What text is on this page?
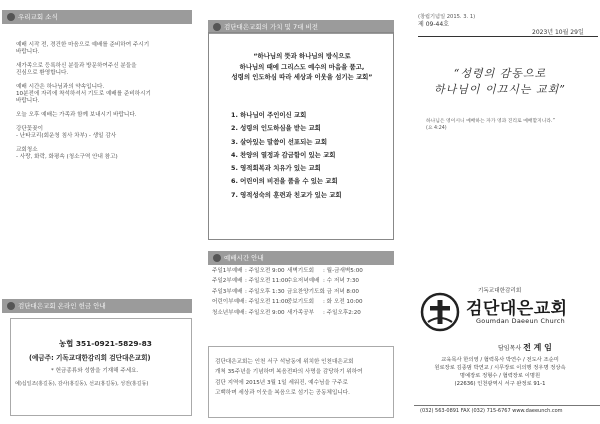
우리교회 소식
예배 시작 전, 경건한 마음으로 예배를 준비하여 주시기
바랍니다.
새가족으로 등록하신 분들과 방문하여주신 분들을
진심으로 환영합니다.
예배 시간은 하나님과의 약속입니다.
10분전에 자리에 착석하셔서 기도로 예배를 준비하시기
바랍니다.
오늘 오후 예배는 가족과 함께 보내시기 바랍니다.
강단꽃꽂이
- 난타코리(회운청 침사 차부) - 생일 감사
교회청소
- 사랑, 화락, 화평속 (청소구역 안내 참고)
검단대은교회 온라인 헌금 안내
농협 351-0921-5829-83
(예금주: 기독교대한감리회 검단대은교회)
* 헌금종류와 성함을 기재해 주세요.
예)십일조(홍길동), 감사(홍길동), 선교(홍길동), 성전(홍길동)
검단대은교회의 가치 및 7대 비전
“하나님의 뜻과 하나님의 방식으로
하나님의 때에 그리스도 예수의 마음을 품고,
성령의 인도하심 따라 세상과 이웃을 섬기는 교회”
1. 하나님이 주인이신 교회
2. 성령의 인도하심을 받는 교회
3. 살아있는 말씀이 선포되는 교회
4. 찬양의 열정과 감금함이 있는 교회
5. 영적회복과 치유가 있는 교회
6. 어린이의 비전을 품을 수 있는 교회
7. 영적성숙의 훈련과 친교가 있는 교회
예배시간 안내
주일1부예배 : 주일오전 9:00 새벽기도회 : 월-금새벽5:00
주일2부예배 : 주일오전 11:00수요저녁예배 : 수 저녁 7:30
주일3부예배 : 주일오후 1:30 금요찬양기도회: 금 저녁 8:00
어린이부예배: 주일오전 11:00중보기도회 : 화 오전 10:00
청소년부예배: 주일오전 9:00 새가족공부 : 주일오후2:20
검단대은교회는 인천 서구 석남동에 위치한 인천대은교회
개척 35주년을 기념하며 복음전파의 사명을 감당하기 위하여
검단 지역에 2015년 3월 1일 세워진, 예수님을 구주로
고백하며 세상과 이웃을 복음으로 섬기는 공동체입니다.
(창립기념일 2015. 3. 1)
제 09-44호
2023년 10월 29일
“성령의 감동으로
하나님이 이끄시는 교회”
하나님은 영이시니 예배하는 자가 영과 진리로 예배할지니라.”
(요 4:24)
기독교대한감리회
검단대은교회
Goumdan Daeeun Church
담임목사 전 계 임
교육목사 한의영 / 협력목사 박연수 / 전도사 조순미
원로장로 김종범 박연교 / 시무장로 이의행 정우명 정상속
명예장로 정형수 / 협력장로 이명원
(22636) 인천광역시 서구 완정로 91-1
(032) 563-0891 FAX (032) 715-6767 www.daeeunch.com
